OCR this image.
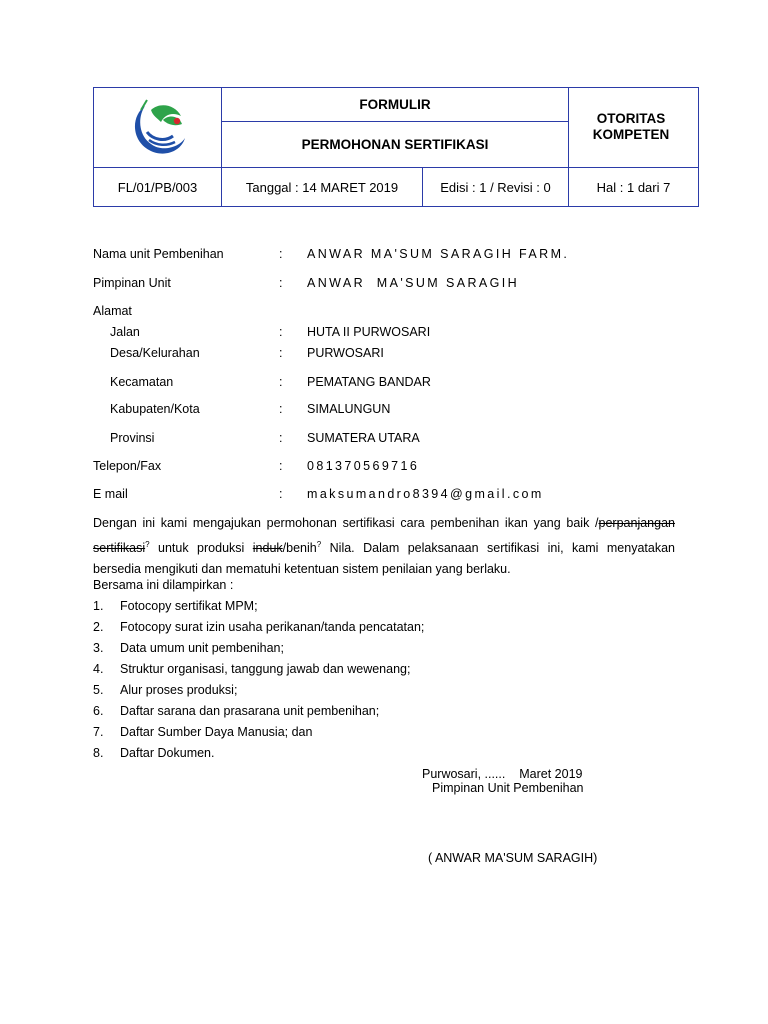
FORMULIR
PERMOHONAN SERTIFIKASI
OTORITAS KOMPETEN
FL/01/PB/003	Tanggal : 14 MARET 2019	Edisi : 1 / Revisi : 0	Hal : 1 dari 7
Nama unit Pembenihan	: ANWAR MA'SUM SARAGIH FARM.
Pimpinan Unit	: ANWAR  MA'SUM SARAGIH
Alamat
Jalan	: HUTA II PURWOSARI
Desa/Kelurahan	: PURWOSARI
Kecamatan	: PEMATANG BANDAR
Kabupaten/Kota	: SIMALUNGUN
Provinsi	: SUMATERA UTARA
Telepon/Fax	: 081370569716
E mail	: maksumandro8394@gmail.com
Dengan ini kami mengajukan permohonan sertifikasi cara pembenihan ikan yang baik /perpanjangan sertifikasi? untuk produksi induk/benih? Nila. Dalam pelaksanaan sertifikasi ini, kami menyatakan bersedia mengikuti dan mematuhi ketentuan sistem penilaian yang berlaku.
Bersama ini dilampirkan :
1. Fotocopy sertifikat MPM;
2. Fotocopy surat izin usaha perikanan/tanda pencatatan;
3. Data umum unit pembenihan;
4. Struktur organisasi, tanggung jawab dan wewenang;
5. Alur proses produksi;
6. Daftar sarana dan prasarana unit pembenihan;
7. Daftar Sumber Daya Manusia; dan
8. Daftar Dokumen.
Purwosari, ......    Maret 2019
Pimpinan Unit Pembenihan
( ANWAR MA'SUM SARAGIH)
